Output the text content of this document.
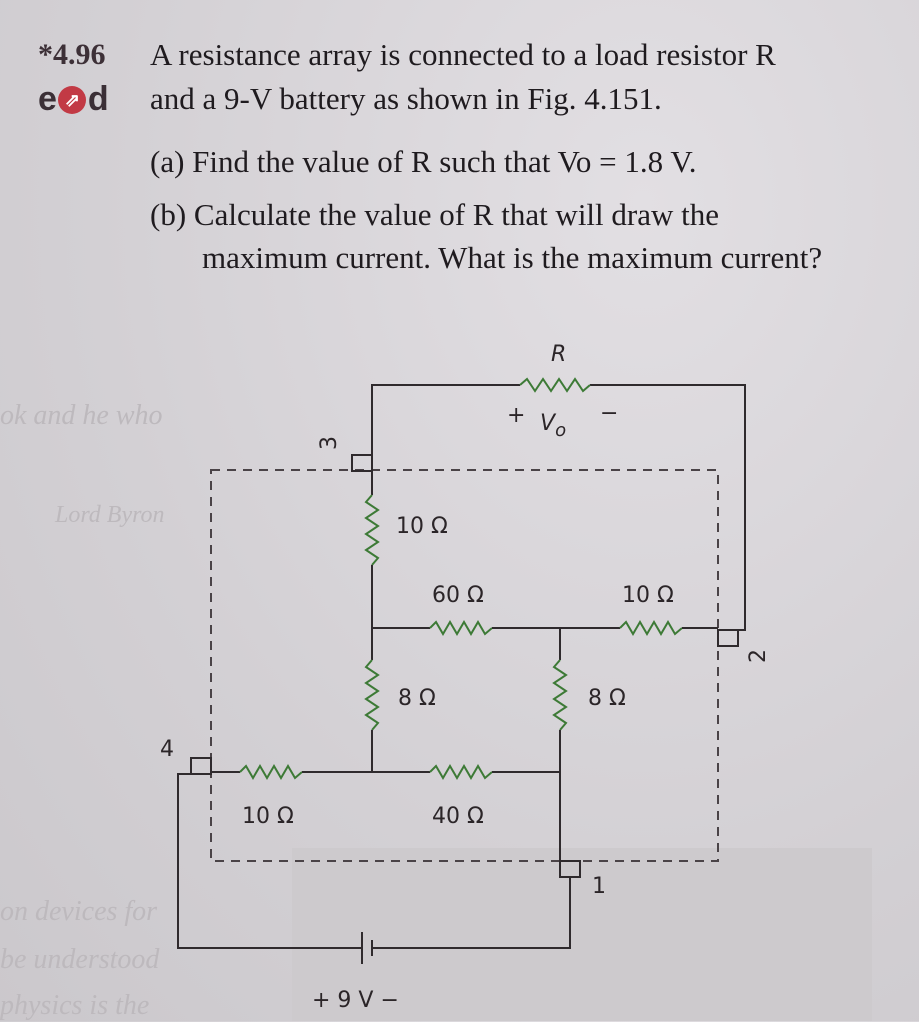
ok and he who
Lord Byron
on devices for
be understood
physics is the
*4.96
e ⇗ d
A resistance array is connected to a load resistor R
and a 9-V battery as shown in Fig. 4.151.
(a) Find the value of R such that Vo = 1.8 V.
(b) Calculate the value of R that will draw the
maximum current. What is the maximum current?
R
+ $V_o$
−
10 Ω
60 Ω	10 Ω
8 Ω	8 Ω
10 Ω	40 Ω
1
2
3
4
+ 9 V −
